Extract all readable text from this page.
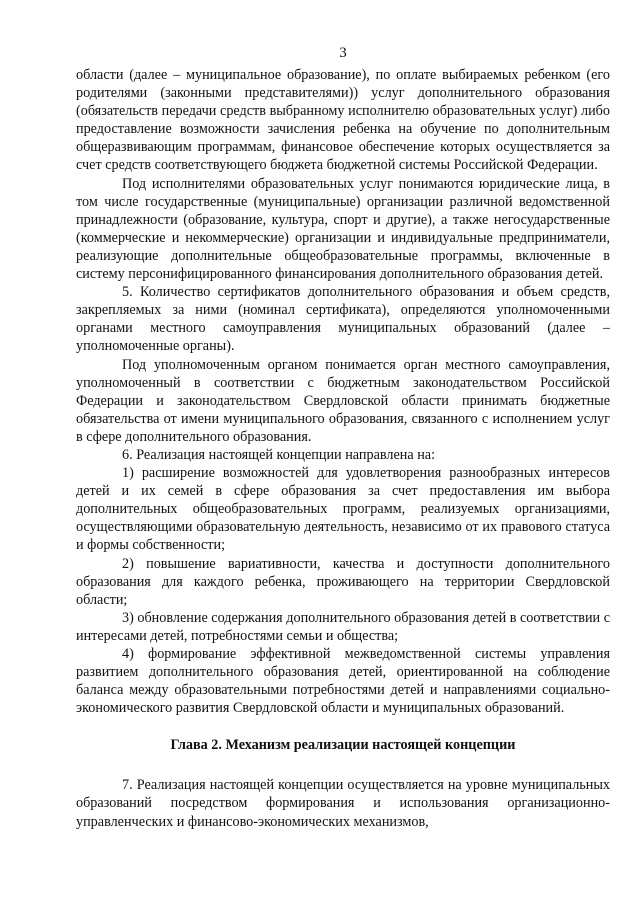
3

области (далее – муниципальное образование), по оплате выбираемых ребенком (его родителями (законными представителями)) услуг дополнительного образования (обязательств передачи средств выбранному исполнителю образовательных услуг) либо предоставление возможности зачисления ребенка на обучение по дополнительным общеразвивающим программам, финансовое обеспечение которых осуществляется за счет средств соответствующего бюджета бюджетной системы Российской Федерации.

Под исполнителями образовательных услуг понимаются юридические лица, в том числе государственные (муниципальные) организации различной ведомственной принадлежности (образование, культура, спорт и другие), а также негосударственные (коммерческие и некоммерческие) организации и индивидуальные предприниматели, реализующие дополнительные общеобразовательные программы, включенные в систему персонифицированного финансирования дополнительного образования детей.

5. Количество сертификатов дополнительного образования и объем средств, закрепляемых за ними (номинал сертификата), определяются уполномоченными органами местного самоуправления муниципальных образований (далее – уполномоченные органы).

Под уполномоченным органом понимается орган местного самоуправления, уполномоченный в соответствии с бюджетным законодательством Российской Федерации и законодательством Свердловской области принимать бюджетные обязательства от имени муниципального образования, связанного с исполнением услуг в сфере дополнительного образования.

6. Реализация настоящей концепции направлена на:

1) расширение возможностей для удовлетворения разнообразных интересов детей и их семей в сфере образования за счет предоставления им выбора дополнительных общеобразовательных программ, реализуемых организациями, осуществляющими образовательную деятельность, независимо от их правового статуса и формы собственности;

2) повышение вариативности, качества и доступности дополнительного образования для каждого ребенка, проживающего на территории Свердловской области;

3) обновление содержания дополнительного образования детей в соответствии с интересами детей, потребностями семьи и общества;

4) формирование эффективной межведомственной системы управления развитием дополнительного образования детей, ориентированной на соблюдение баланса между образовательными потребностями детей и направлениями социально-экономического развития Свердловской области и муниципальных образований.

Глава 2. Механизм реализации настоящей концепции

7. Реализация настоящей концепции осуществляется на уровне муниципальных образований посредством формирования и использования организационно-управленческих и финансово-экономических механизмов,
